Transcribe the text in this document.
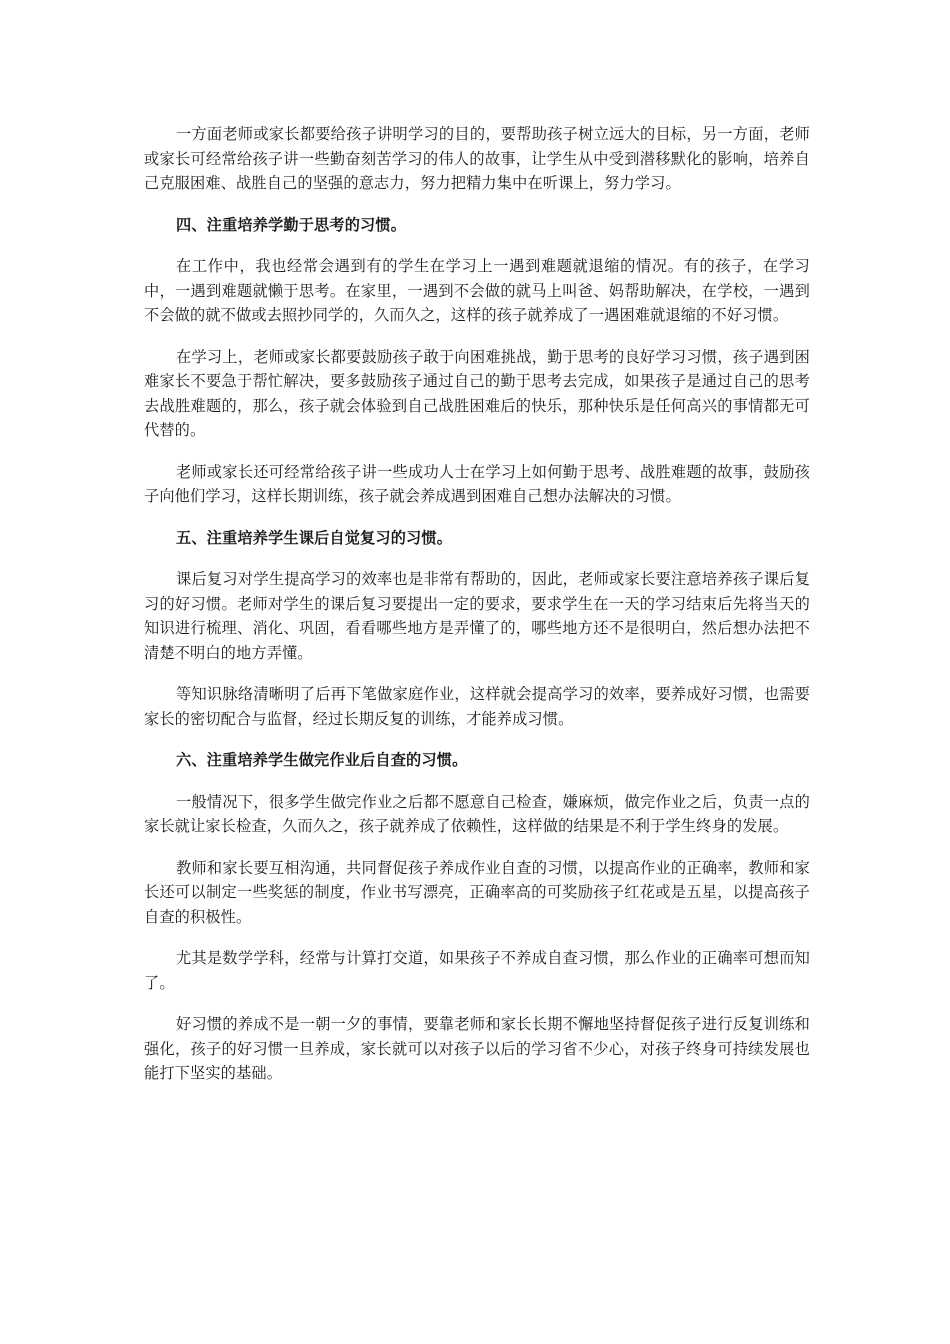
一方面老师或家长都要给孩子讲明学习的目的，要帮助孩子树立远大的目标，另一方面，老师或家长可经常给孩子讲一些勤奋刻苦学习的伟人的故事，让学生从中受到潜移默化的影响，培养自己克服困难、战胜自己的坚强的意志力，努力把精力集中在听课上，努力学习。

四、注重培养学勤于思考的习惯。

在工作中，我也经常会遇到有的学生在学习上一遇到难题就退缩的情况。有的孩子，在学习中，一遇到难题就懒于思考。在家里，一遇到不会做的就马上叫爸、妈帮助解决，在学校，一遇到不会做的就不做或去照抄同学的，久而久之，这样的孩子就养成了一遇困难就退缩的不好习惯。

在学习上，老师或家长都要鼓励孩子敢于向困难挑战，勤于思考的良好学习习惯，孩子遇到困难家长不要急于帮忙解决，要多鼓励孩子通过自己的勤于思考去完成，如果孩子是通过自己的思考去战胜难题的，那么，孩子就会体验到自己战胜困难后的快乐，那种快乐是任何高兴的事情都无可代替的。

老师或家长还可经常给孩子讲一些成功人士在学习上如何勤于思考、战胜难题的故事，鼓励孩子向他们学习，这样长期训练，孩子就会养成遇到困难自己想办法解决的习惯。

五、注重培养学生课后自觉复习的习惯。

课后复习对学生提高学习的效率也是非常有帮助的，因此，老师或家长要注意培养孩子课后复习的好习惯。老师对学生的课后复习要提出一定的要求，要求学生在一天的学习结束后先将当天的知识进行梳理、消化、巩固，看看哪些地方是弄懂了的，哪些地方还不是很明白，然后想办法把不清楚不明白的地方弄懂。

等知识脉络清晰明了后再下笔做家庭作业，这样就会提高学习的效率，要养成好习惯，也需要家长的密切配合与监督，经过长期反复的训练，才能养成习惯。

六、注重培养学生做完作业后自查的习惯。

一般情况下，很多学生做完作业之后都不愿意自己检查，嫌麻烦，做完作业之后，负责一点的家长就让家长检查，久而久之，孩子就养成了依赖性，这样做的结果是不利于学生终身的发展。

教师和家长要互相沟通，共同督促孩子养成作业自查的习惯，以提高作业的正确率，教师和家长还可以制定一些奖惩的制度，作业书写漂亮，正确率高的可奖励孩子红花或是五星，以提高孩子自查的积极性。

尤其是数学学科，经常与计算打交道，如果孩子不养成自查习惯，那么作业的正确率可想而知了。

好习惯的养成不是一朝一夕的事情，要靠老师和家长长期不懈地坚持督促孩子进行反复训练和强化，孩子的好习惯一旦养成，家长就可以对孩子以后的学习省不少心，对孩子终身可持续发展也能打下坚实的基础。
